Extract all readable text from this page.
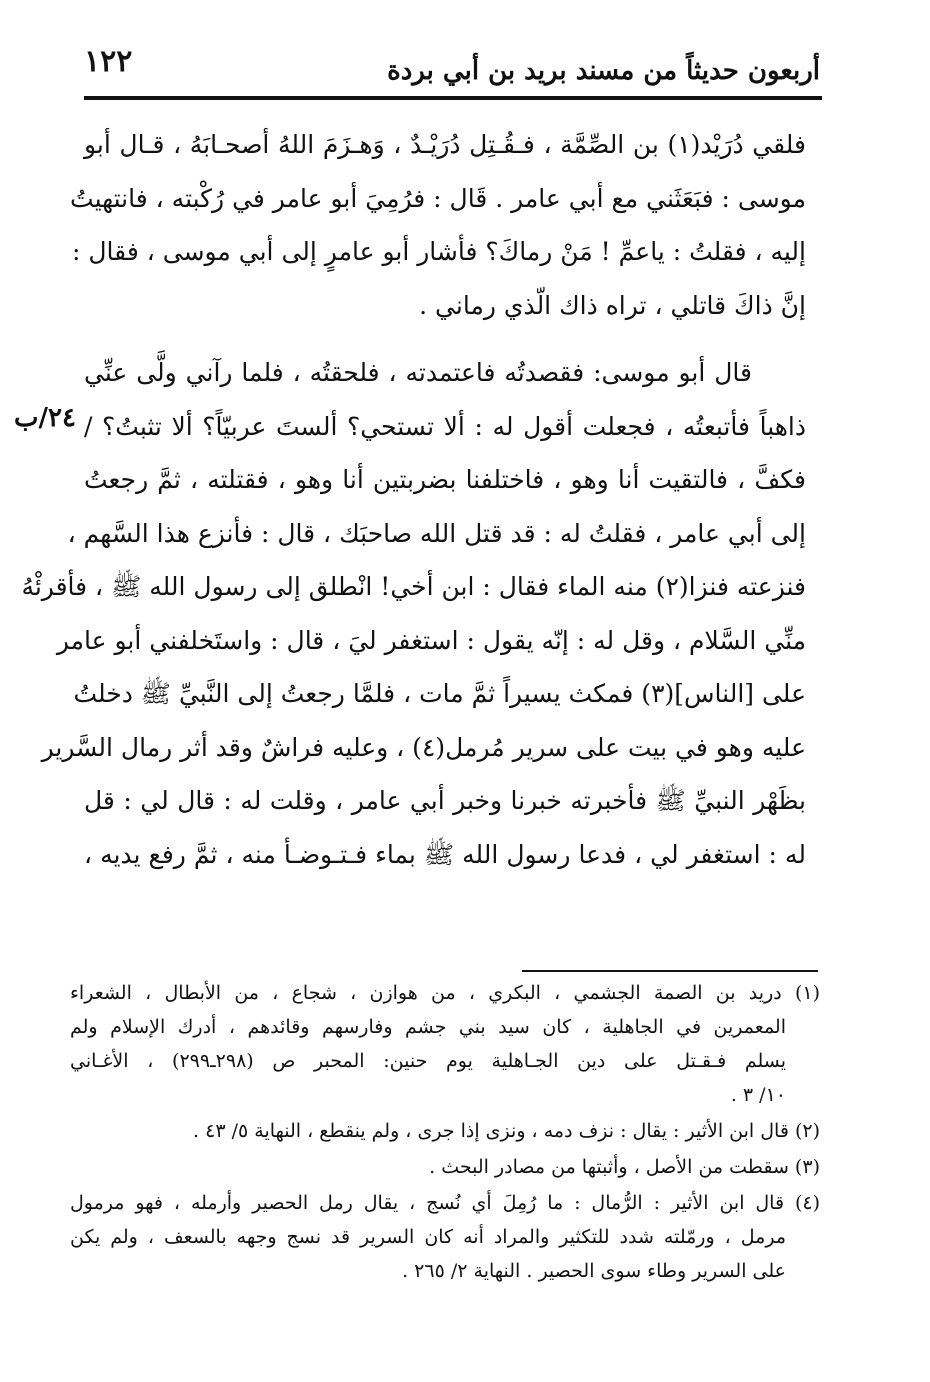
أربعون حديثاً من مسند بريد بن أبي بردة
١٢٢
٢٤/ب
فلقي دُرَيْد(١) بن الصِّمَّة ، فـقُـتِل دُرَيْـدٌ ، وَهـزَمَ اللهُ أصحـابَهُ ، قـال أبو
موسى : فبَعَثَني مع أبي عامر . قَال : فرُمِيَ أبو عامر في رُكْبته ، فانتهيتُ
إليه ، فقلتُ : ياعمِّ ! مَنْ رماكَ؟ فأشار أبو عامرٍ إلى أبي موسى ، فقال :
إنَّ ذاكَ قاتلي ، تراه ذاك الّذي رماني .
قال أبو موسى: فقصدتُه فاعتمدته ، فلحقتُه ، فلما رآني ولَّى عنِّي
ذاهباً فأتبعتُه ، فجعلت أقول له : ألا تستحي؟ ألستَ عربيّاً؟ ألا تثبتُ؟ /
فكفَّ ، فالتقيت أنا وهو ، فاختلفنا بضربتين أنا وهو ، فقتلته ، ثمَّ رجعتُ
إلى أبي عامر ، فقلتُ له : قد قتل الله صاحبَك ، قال : فأنزع هذا السَّهم ،
فنزعته فنزا(٢) منه الماء فقال : ابن أخي! انْطلق إلى رسول الله ﷺ ، فأقرئْهُ
منِّي السَّلام ، وقل له : إنّه يقول : استغفر ليَ ، قال : واستَخلفني أبو عامر
على [الناس](٣) فمكث يسيراً ثمَّ مات ، فلمَّا رجعتُ إلى النَّبيِّ ﷺ دخلتُ
عليه وهو في بيت على سرير مُرمل(٤) ، وعليه فراشٌ وقد أثر رمال السَّرير
بظَهْر النبيِّ ﷺ فأخبرته خبرنا وخبر أبي عامر ، وقلت له : قال لي : قل
له : استغفر لي ، فدعا رسول الله ﷺ بماء فـتـوضـأ منه ، ثمَّ رفع يديه ،
(١) دريد بن الصمة الجشمي ، البكري ، من هوازن ، شجاع ، من الأبطال ، الشعراء
المعمرين في الجاهلية ، كان سيد بني جشم وفارسهم وقائدهم ، أدرك الإسلام ولم
يسلم فـقـتل على دين الجـاهلية يوم حنين: المحبر ص (٢٩٨ـ٢٩٩) ، الأغـاني
١٠/ ٣ .
(٢) قال ابن الأثير : يقال : نزف دمه ، ونزى إذا جرى ، ولم ينقطع ، النهاية ٥/ ٤٣ .
(٣) سقطت من الأصل ، وأثبتها من مصادر البحث .
(٤) قال ابن الأثير : الرُّمال : ما رُمِلَ أي نُسج ، يقال رمل الحصير وأرمله ، فهو مرمول
مرمل ، ورمّلته شدد للتكثير والمراد أنه كان السرير قد نسج وجهه بالسعف ، ولم يكن
على السرير وطاء سوى الحصير . النهاية ٢/ ٢٦٥ .
